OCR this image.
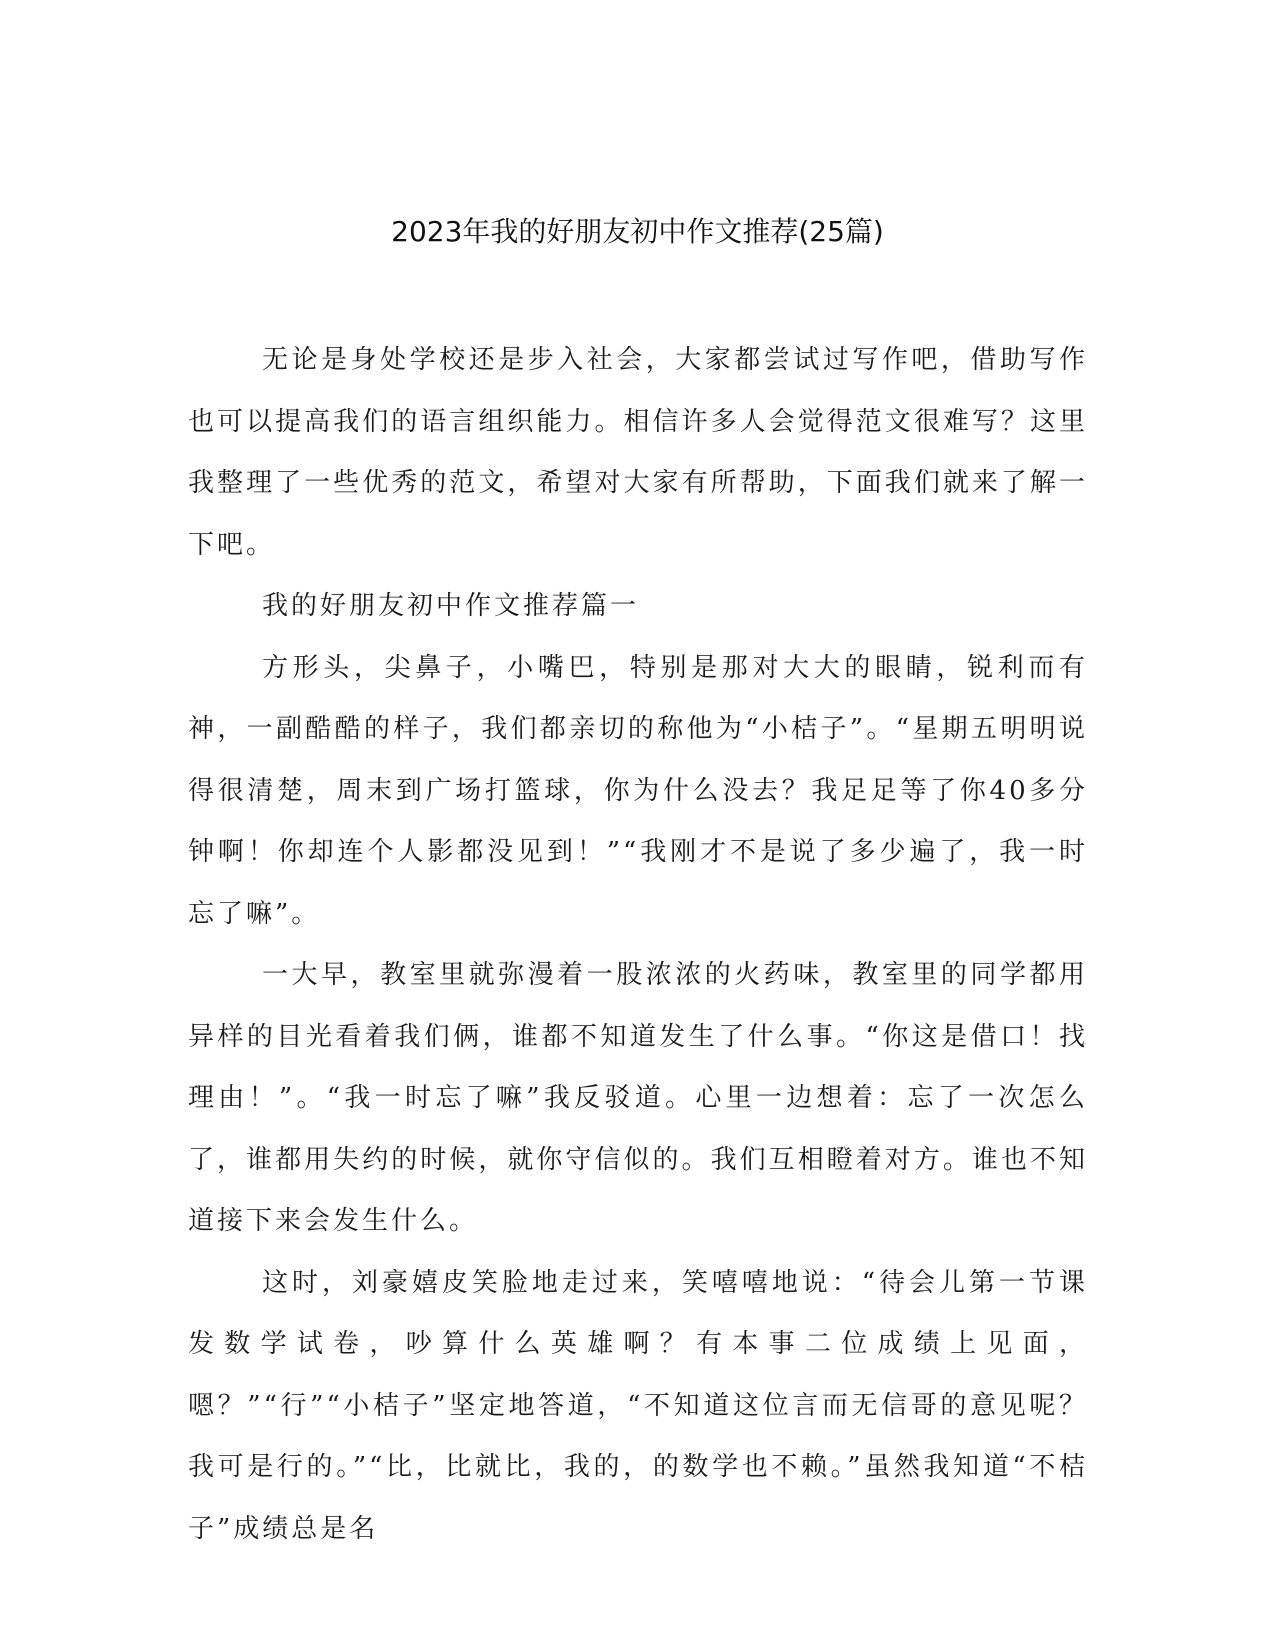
2023年我的好朋友初中作文推荐(25篇)

无论是身处学校还是步入社会，大家都尝试过写作吧，借助写作也可以提高我们的语言组织能力。相信许多人会觉得范文很难写？这里我整理了一些优秀的范文，希望对大家有所帮助，下面我们就来了解一下吧。

我的好朋友初中作文推荐篇一

方形头，尖鼻子，小嘴巴，特别是那对大大的眼睛，锐利而有神，一副酷酷的样子，我们都亲切的称他为“小桔子”。“星期五明明说得很清楚，周末到广场打篮球，你为什么没去？我足足等了你40多分钟啊！你却连个人影都没见到！”“我刚才不是说了多少遍了，我一时忘了嘛”。

一大早，教室里就弥漫着一股浓浓的火药味，教室里的同学都用异样的目光看着我们俩，谁都不知道发生了什么事。“你这是借口！找理由！”。“我一时忘了嘛”我反驳道。心里一边想着：忘了一次怎么了，谁都用失约的时候，就你守信似的。我们互相瞪着对方。谁也不知道接下来会发生什么。

这时，刘豪嬉皮笑脸地走过来，笑嘻嘻地说：“待会儿第一节课发数学试卷，吵算什么英雄啊？有本事二位成绩上见面，嗯？”“行”“小桔子”坚定地答道，“不知道这位言而无信哥的意见呢？我可是行的。”“比，比就比，我的，的数学也不赖。”虽然我知道“不桔子”成绩总是名
